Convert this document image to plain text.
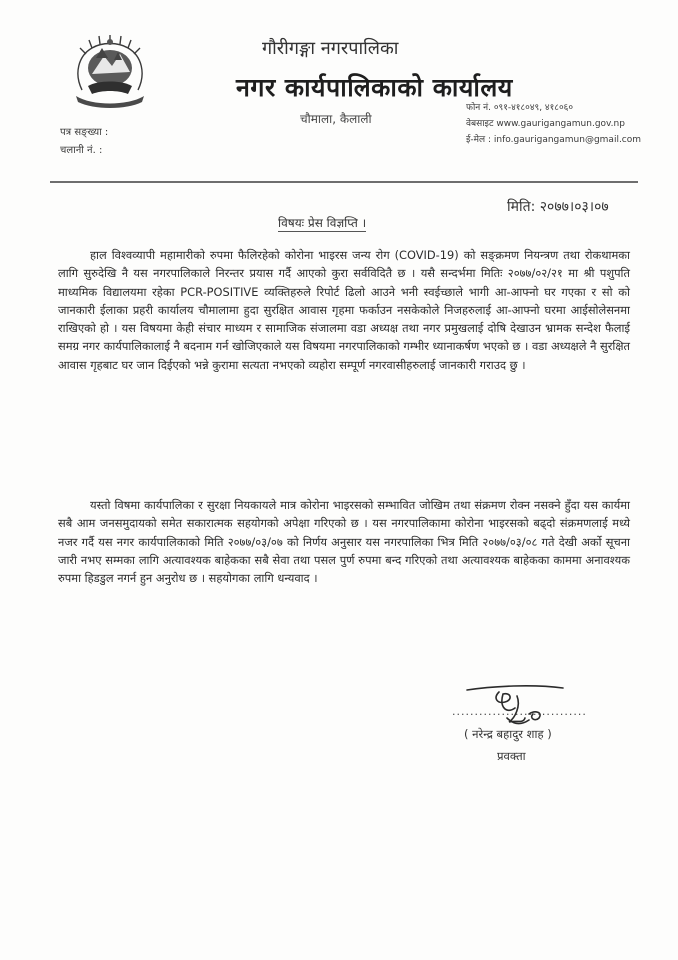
गौरीगङ्गा नगरपालिका
नगर कार्यपालिकाको कार्यालय
चौमाला, कैलाली
फोन नं. ०९१-४१८०४९, ४१८०६०
वेबसाइट www.gaurigangamun.gov.np
ई-मेल : info.gaurigangamun@gmail.com
पत्र सङ्ख्या :
चलानी नं. :
मिति: २०७७।०३।०७
विषयः प्रेस विज्ञप्ति ।
हाल विश्वव्यापी महामारीको रुपमा फैलिरहेको कोरोना भाइरस जन्य रोग (COVID-19) को सङ्क्रमण नियन्त्रण तथा रोकथामका लागि सुरुदेखि नै यस नगरपालिकाले निरन्तर प्रयास गर्दै आएको कुरा सर्वविदितै छ । यसै सन्दर्भमा मितिः २०७७/०२/२१ मा श्री पशुपति माध्यमिक विद्यालयमा रहेका PCR-POSITIVE व्यक्तिहरुले रिपोर्ट ढिलो आउने भनी स्वईच्छाले भागी आ-आफ्नो घर गएका र सो को जानकारी ईलाका प्रहरी कार्यालय चौमालामा हुदा सुरक्षित आवास गृहमा फर्काउन नसकेकोले निजहरुलाई आ-आफ्नो घरमा आईसोलेसनमा राखिएको हो । यस विषयमा केही संचार माध्यम र सामाजिक संजालमा वडा अध्यक्ष तथा नगर प्रमुखलाई दोषि देखाउन भ्रामक सन्देश फैलाई समग्र नगर कार्यपालिकालाई नै बदनाम गर्न खोजिएकाले यस विषयमा नगरपालिकाको गम्भीर ध्यानाकर्षण भएको छ । वडा अध्यक्षले नै सुरक्षित आवास गृहबाट घर जान दिईएको भन्ने कुरामा सत्यता नभएको व्यहोरा सम्पूर्ण नगरवासीहरुलाई जानकारी गराउद छु ।
यस्तो विषमा कार्यपालिका र सुरक्षा नियकायले मात्र कोरोना भाइरसको सम्भावित जोखिम तथा संक्रमण रोक्न नसक्ने हुँदा यस कार्यमा सबै आम जनसमुदायको समेत सकारात्मक सहयोगको अपेक्षा गरिएको छ । यस नगरपालिकामा कोरोना भाइरसको बढ्दो संक्रमणलाई मध्ये नजर गर्दै यस नगर कार्यपालिकाको मिति २०७७/०३/०७ को निर्णय अनुसार यस नगरपालिका भित्र मिति २०७७/०३/०८ गते देखी अर्को सूचना जारी नभए सम्मका लागि अत्यावश्यक बाहेकका सबै सेवा तथा पसल पुर्ण रुपमा बन्द गरिएको तथा अत्यावश्यक बाहेकका काममा अनावश्यक रुपमा हिडडुल नगर्न हुन अनुरोध छ । सहयोगका लागि धन्यवाद ।
..............................
( नरेन्द्र बहादुर शाह )
प्रवक्ता
